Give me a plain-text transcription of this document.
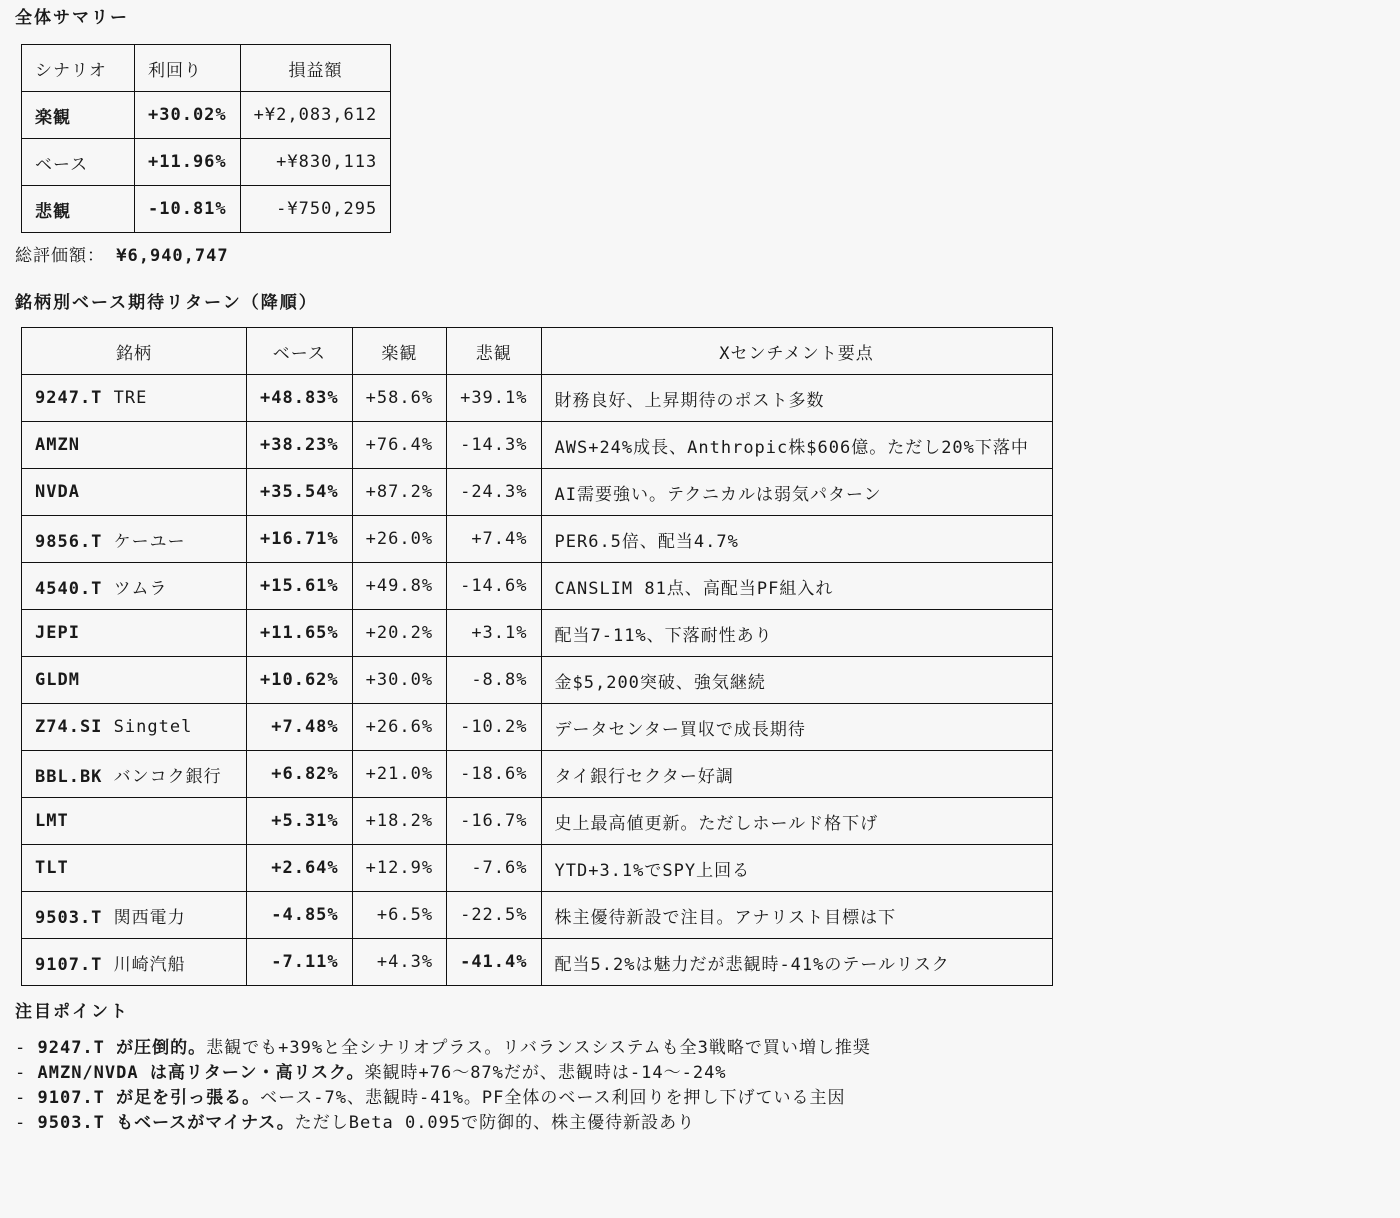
全体サマリー
シナリオ	利回り	損益額
楽観	+30.02%	+¥2,083,612
ベース	+11.96%	+¥830,113
悲観	-10.81%	-¥750,295
総評価額： ¥6,940,747
銘柄別ベース期待リターン（降順）
銘柄	ベース	楽観	悲観	Xセンチメント要点
9247.T TRE	+48.83%	+58.6%	+39.1%	財務良好、上昇期待のポスト多数
AMZN	+38.23%	+76.4%	-14.3%	AWS+24%成長、Anthropic株$606億。ただし20%下落中
NVDA	+35.54%	+87.2%	-24.3%	AI需要強い。テクニカルは弱気パターン
9856.T ケーユー	+16.71%	+26.0%	+7.4%	PER6.5倍、配当4.7%
4540.T ツムラ	+15.61%	+49.8%	-14.6%	CANSLIM 81点、高配当PF組入れ
JEPI	+11.65%	+20.2%	+3.1%	配当7-11%、下落耐性あり
GLDM	+10.62%	+30.0%	-8.8%	金$5,200突破、強気継続
Z74.SI Singtel	+7.48%	+26.6%	-10.2%	データセンター買収で成長期待
BBL.BK バンコク銀行	+6.82%	+21.0%	-18.6%	タイ銀行セクター好調
LMT	+5.31%	+18.2%	-16.7%	史上最高値更新。ただしホールド格下げ
TLT	+2.64%	+12.9%	-7.6%	YTD+3.1%でSPY上回る
9503.T 関西電力	-4.85%	+6.5%	-22.5%	株主優待新設で注目。アナリスト目標は下
9107.T 川崎汽船	-7.11%	+4.3%	-41.4%	配当5.2%は魅力だが悲観時-41%のテールリスク
注目ポイント
- 9247.T が圧倒的。悲観でも+39%と全シナリオプラス。リバランスシステムも全3戦略で買い増し推奨
- AMZN/NVDA は高リターン・高リスク。楽観時+76〜87%だが、悲観時は-14〜-24%
- 9107.T が足を引っ張る。ベース-7%、悲観時-41%。PF全体のベース利回りを押し下げている主因
- 9503.T もベースがマイナス。ただしBeta 0.095で防御的、株主優待新設あり
